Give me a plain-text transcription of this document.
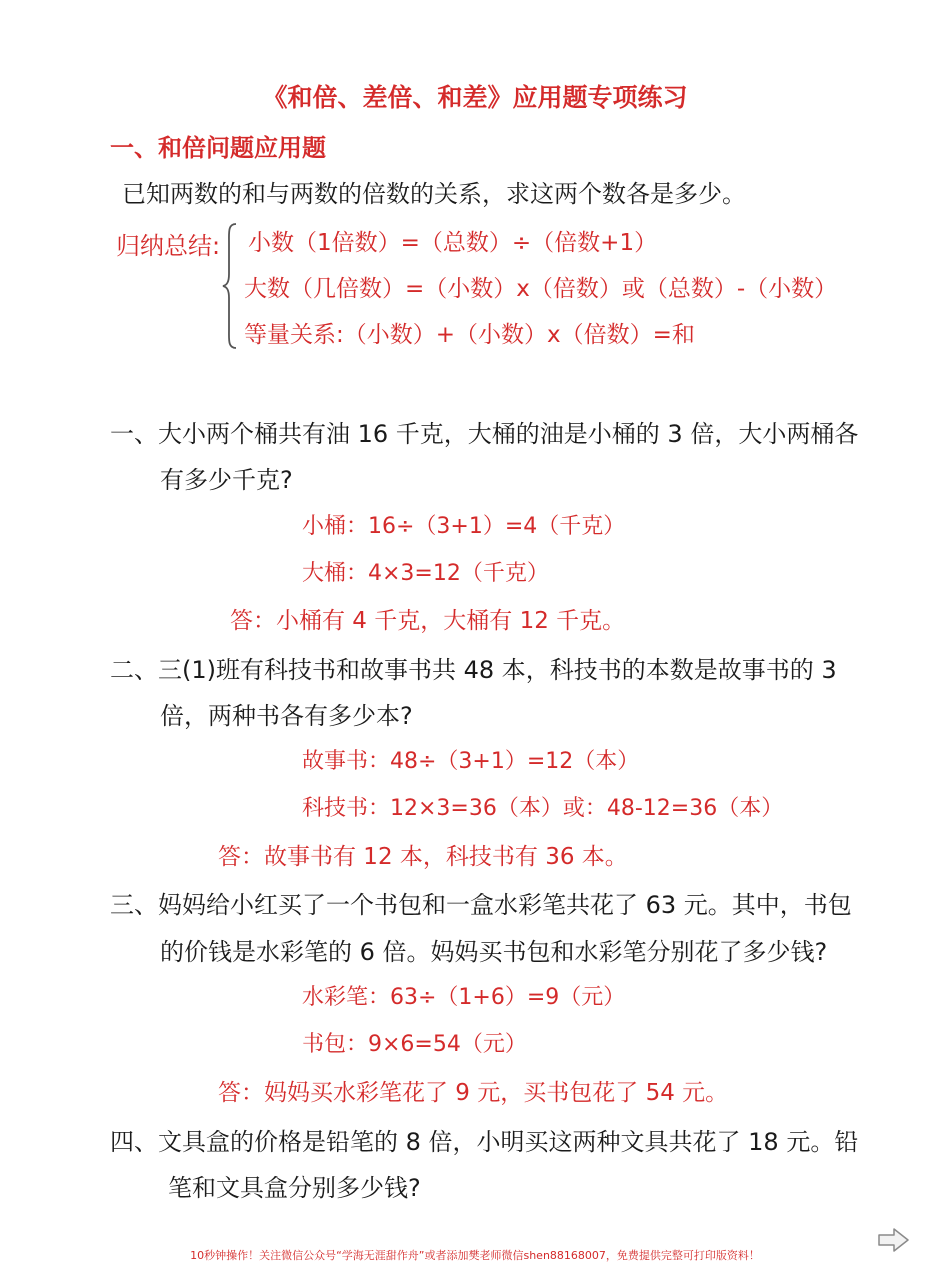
《和倍、差倍、和差》应用题专项练习
一、和倍问题应用题
已知两数的和与两数的倍数的关系，求这两个数各是多少。
归纳总结: 小数（1倍数）=（总数）÷（倍数+1）
大数（几倍数）=（小数）x（倍数）或（总数）-（小数）
等量关系:（小数）+（小数）x（倍数）=和
一、大小两个桶共有油 16 千克，大桶的油是小桶的 3 倍，大小两桶各
有多少千克?
小桶：16÷（3+1）=4（千克）
大桶：4×3=12（千克）
答：小桶有 4 千克，大桶有 12 千克。
二、三(1)班有科技书和故事书共 48 本，科技书的本数是故事书的 3
倍，两种书各有多少本?
故事书：48÷（3+1）=12（本）
科技书：12×3=36（本）或：48-12=36（本）
答：故事书有 12 本，科技书有 36 本。
三、妈妈给小红买了一个书包和一盒水彩笔共花了 63 元。其中，书包
的价钱是水彩笔的 6 倍。妈妈买书包和水彩笔分别花了多少钱?
水彩笔：63÷（1+6）=9（元）
书包：9×6=54（元）
答：妈妈买水彩笔花了 9 元，买书包花了 54 元。
四、文具盒的价格是铅笔的 8 倍，小明买这两种文具共花了 18 元。铅
笔和文具盒分别多少钱?
10秒钟操作！关注微信公众号“学海无涯甜作舟”或者添加樊老师微信shen88168007，免费提供完整可打印版资料！
